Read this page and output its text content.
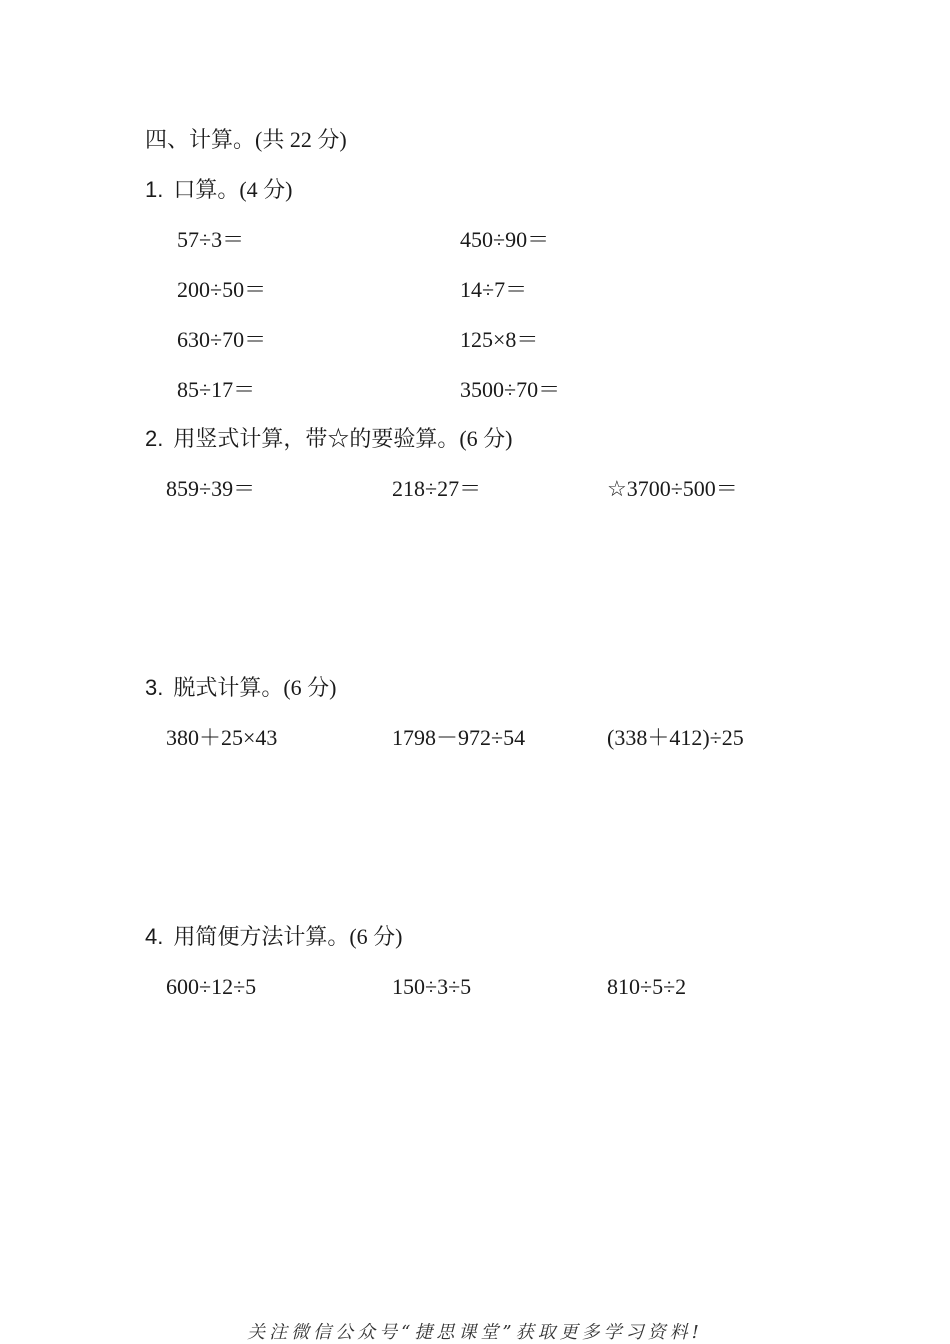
四、计算。(共 22 分)
1. 口算。(4 分)
57÷3＝	450÷90＝
200÷50＝	14÷7＝
630÷70＝	125×8＝
85÷17＝	3500÷70＝
2. 用竖式计算，带☆的要验算。(6 分)
859÷39＝	218÷27＝	☆3700÷500＝
3. 脱式计算。(6 分)
380＋25×43	1798－972÷54	(338＋412)÷25
4. 用简便方法计算。(6 分)
600÷12÷5	150÷3÷5	810÷5÷2
关注微信公众号“捷思课堂”获取更多学习资料!
